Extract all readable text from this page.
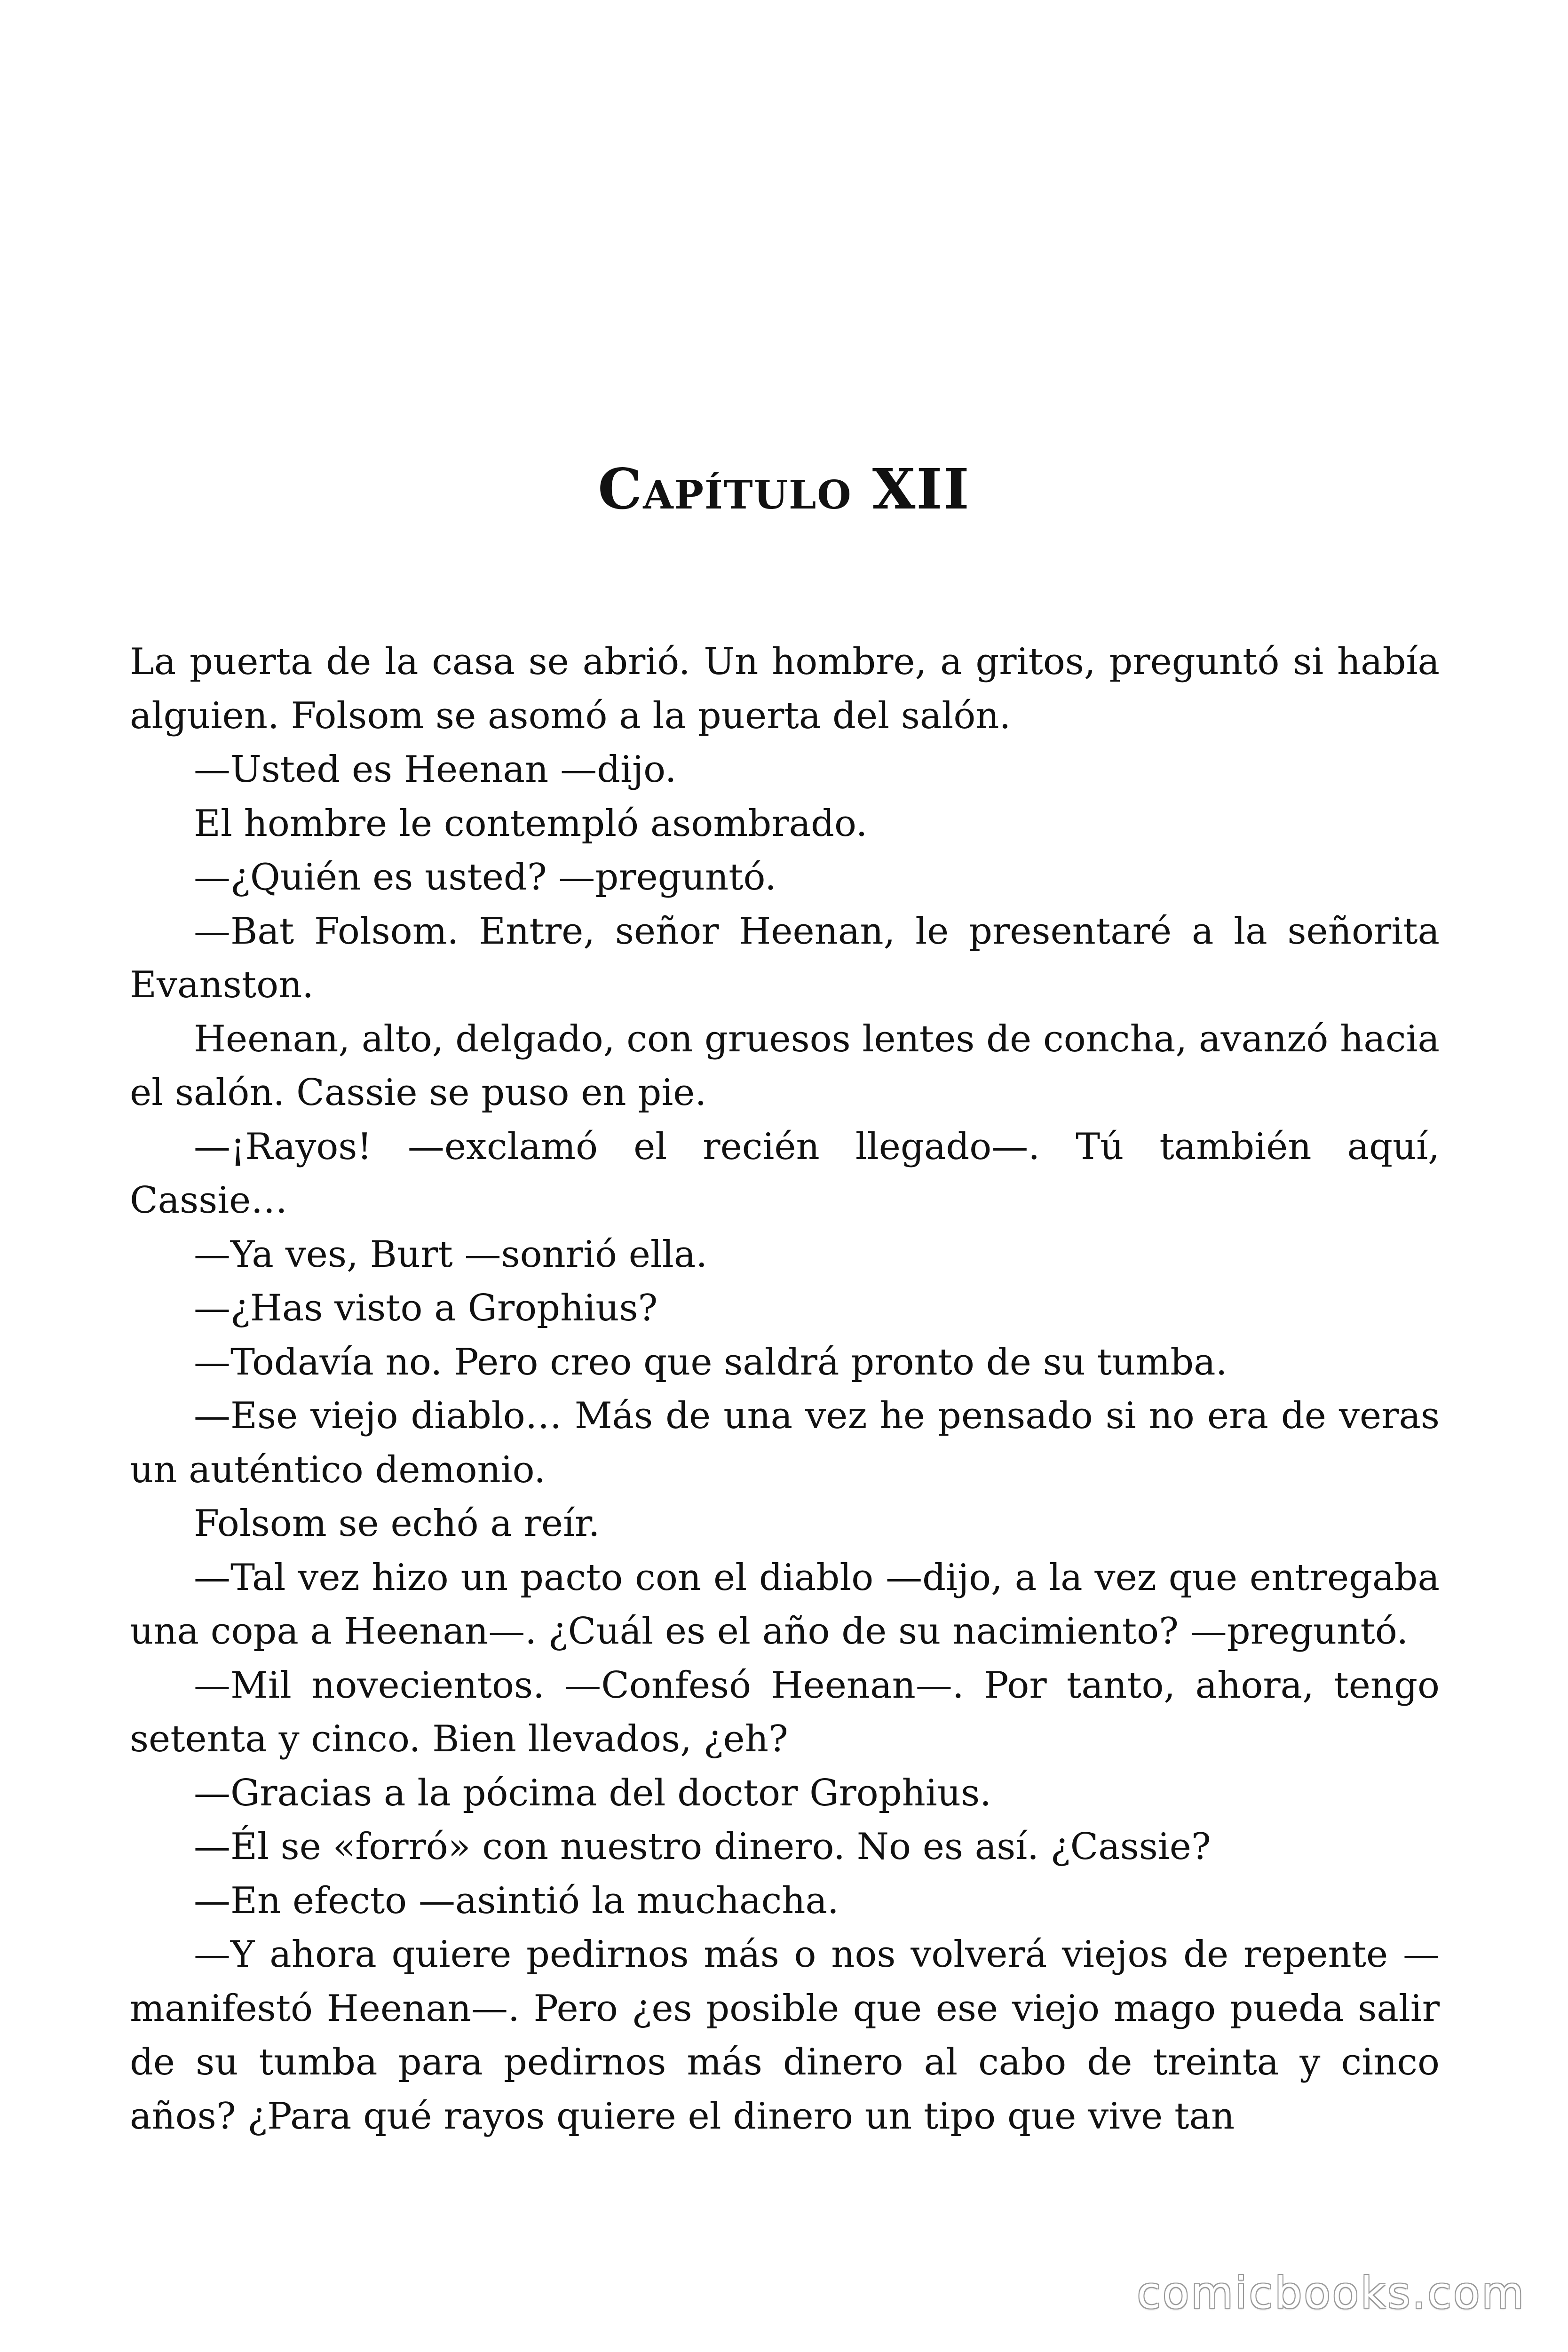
Capítulo XII

La puerta de la casa se abrió. Un hombre, a gritos, preguntó si había alguien. Folsom se asomó a la puerta del salón.

—Usted es Heenan —dijo.

El hombre le contempló asombrado.

—¿Quién es usted? —preguntó.

—Bat Folsom. Entre, señor Heenan, le presentaré a la señorita Evanston.

Heenan, alto, delgado, con gruesos lentes de concha, avanzó hacia el salón. Cassie se puso en pie.

—¡Rayos! —exclamó el recién llegado—. Tú también aquí, Cassie…

—Ya ves, Burt —sonrió ella.

—¿Has visto a Grophius?

—Todavía no. Pero creo que saldrá pronto de su tumba.

—Ese viejo diablo… Más de una vez he pensado si no era de veras un auténtico demonio.

Folsom se echó a reír.

—Tal vez hizo un pacto con el diablo —dijo, a la vez que entregaba una copa a Heenan—. ¿Cuál es el año de su nacimiento? —preguntó.

—Mil novecientos. —Confesó Heenan—. Por tanto, ahora, tengo setenta y cinco. Bien llevados, ¿eh?

—Gracias a la pócima del doctor Grophius.

—Él se «forró» con nuestro dinero. No es así. ¿Cassie?

—En efecto —asintió la muchacha.

—Y ahora quiere pedirnos más o nos volverá viejos de repente —manifestó Heenan—. Pero ¿es posible que ese viejo mago pueda salir de su tumba para pedirnos más dinero al cabo de treinta y cinco años? ¿Para qué rayos quiere el dinero un tipo que vive tan

comicbooks.com
